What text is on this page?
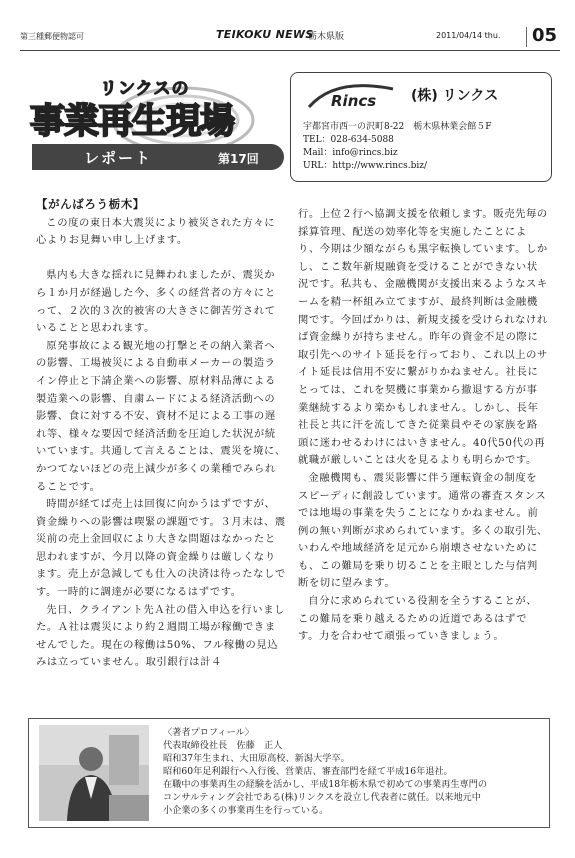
第三種郵便物認可	TEIKOKU NEWS
栃木県版	2011/04/14 thu. 05
リンクスの
事業再生現場
レポート	第17回
Rincs (株) リンクス
宇都宮市西一の沢町8-22　栃木県林業会館５F
TEL：028-634-5088
Mail：info@rincs.biz
URL：http://www.rincs.biz/

【がんばろう栃木】

この度の東日本大震災により被災された方々に心よりお見舞い申し上げます。

県内も大きな揺れに見舞われましたが、震災から１か月が経過した今、多くの経営者の方々にとって、２次的３次的被害の大きさに御苦労されていることと思われます。

原発事故による観光地の打撃とその納入業者への影響、工場被災による自動車メーカーの製造ライン停止と下請企業への影響、原材料品薄による製造業への影響、自粛ムードによる経済活動への影響、食に対する不安、資材不足による工事の遅れ等、様々な要因で経済活動を圧迫した状況が続いています。共通して言えることは、震災を境に、かつてないほどの売上減少が多くの業種でみられることです。

時間が経てば売上は回復に向かうはずですが、資金繰りへの影響は喫緊の課題です。３月末は、震災前の売上金回収により大きな問題はなかったと思われますが、今月以降の資金繰りは厳しくなります。売上が急減しても仕入の決済は待ったなしです。一時的に調達が必要になるはずです。

先日、クライアント先Ａ社の借入申込を行いました。Ａ社は震災により約２週間工場が稼働できませんでした。現在の稼働は50%、フル稼働の見込みは立っていません。取引銀行は計４

行。上位２行へ協調支援を依頼します。販売先毎の採算管理、配送の効率化等を実施したことにより、今期は少額ながらも黒字転換しています。しかし、ここ数年新規融資を受けることができない状況です。私共も、金融機関が支援出来るようなスキームを精一杯組み立てますが、最終判断は金融機関です。今回ばかりは、新規支援を受けられなければ資金繰りが持ちません。昨年の資金不足の際に取引先へのサイト延長を行っており、これ以上のサイト延長は信用不安に繋がりかねません。社長にとっては、これを契機に事業から撤退する方が事業継続するより楽かもしれません。しかし、長年社長と共に汗を流してきた従業員やその家族を路頭に迷わせるわけにはいきません。40代50代の再就職が厳しいことは火を見るよりも明らかです。

金融機関も、震災影響に伴う運転資金の制度をスピーディに創設しています。通常の審査スタンスでは地場の事業を失うことになりかねません。前例の無い判断が求められています。多くの取引先、いわんや地域経済を足元から崩壊させないためにも、この難局を乗り切ることを主眼とした与信判断を切に望みます。

自分に求められている役割を全うすることが、この難局を乗り越えるための近道であるはずです。力を合わせて頑張っていきましょう。

〈著者プロフィール〉
代表取締役社長　佐藤　正人
昭和37年生まれ、大田原高校、新潟大学卒。
昭和60年足利銀行へ入行後、営業店、審査部門を経て平成16年退社。
在職中の事業再生の経験を活かし、平成18年栃木県で初めての事業再生専門の
コンサルティング会社である(株)リンクスを設立し代表者に就任。以来地元中
小企業の多くの事業再生を行っている。
